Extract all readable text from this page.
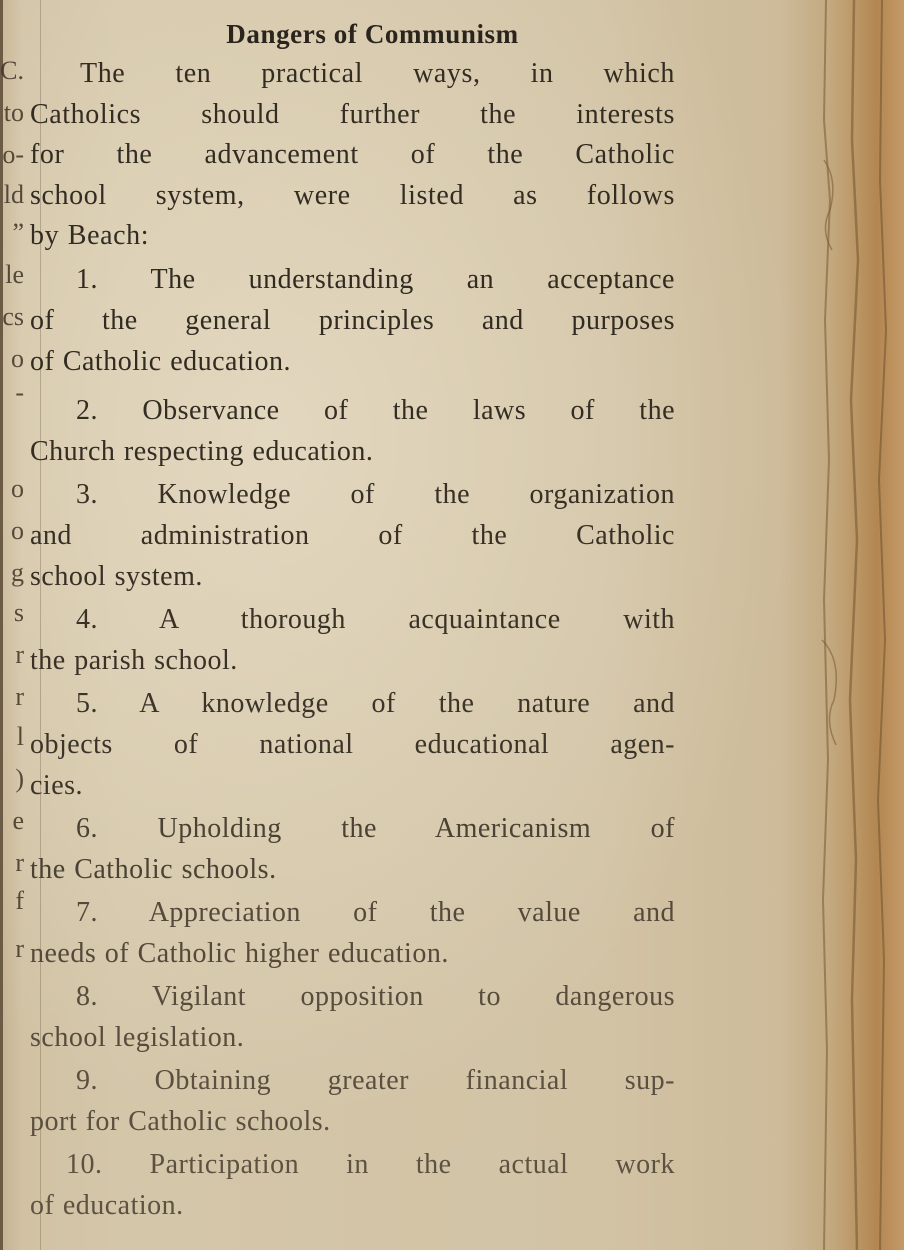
C.
to
o-
ld
”
le
cs
o
-
o
o
g
s
r
r
l
)
e
r
f
r
Dangers of Communism
The ten practical ways, in which
Catholics should further the interests
for the advancement of the Catholic
school system, were listed as follows
by Beach:
1. The understanding an acceptance
of the general principles and purposes
of Catholic education.
2. Observance of the laws of the
Church respecting education.
3. Knowledge of the organization
and administration of the Catholic
school system.
4. A thorough acquaintance with
the parish school.
5. A knowledge of the nature and
objects of national educational agen-
cies.
6. Upholding the Americanism of
the Catholic schools.
7. Appreciation of the value and
needs of Catholic higher education.
8. Vigilant opposition to dangerous
school legislation.
9. Obtaining greater financial sup-
port for Catholic schools.
10. Participation in the actual work
of education.
